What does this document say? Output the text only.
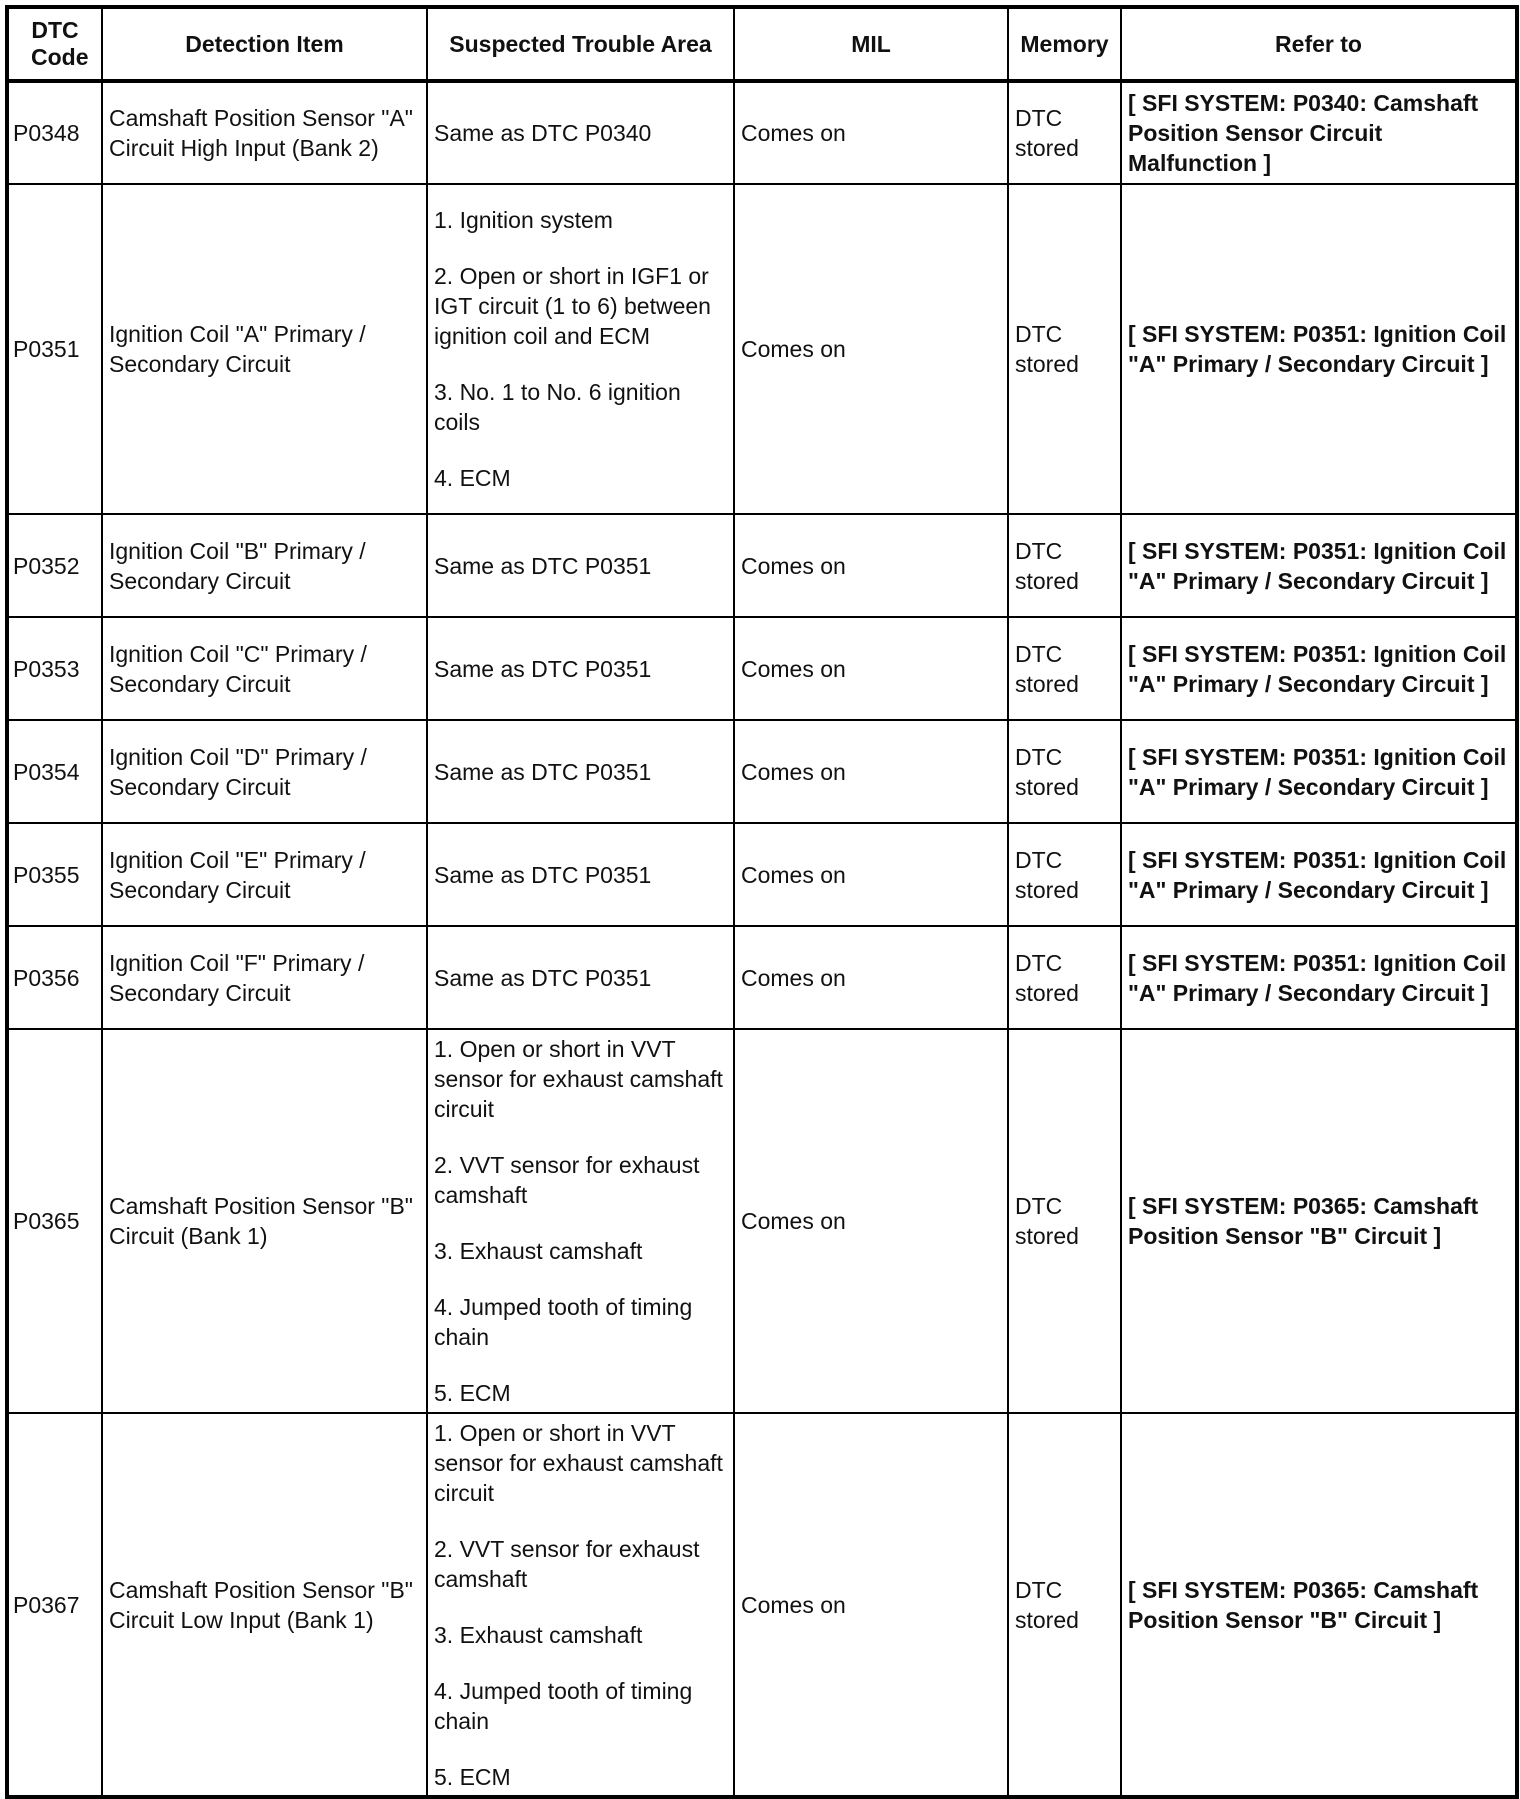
DTC Code	Detection Item	Suspected Trouble Area	MIL	Memory	Refer to
P0348	Camshaft Position Sensor "A" Circuit High Input (Bank 2)	Same as DTC P0340	Comes on	DTC stored	[ SFI SYSTEM: P0340: Camshaft Position Sensor Circuit Malfunction ]
P0351	Ignition Coil "A" Primary / Secondary Circuit	1. Ignition system
2. Open or short in IGF1 or IGT circuit (1 to 6) between ignition coil and ECM
3. No. 1 to No. 6 ignition coils
4. ECM	Comes on	DTC stored	[ SFI SYSTEM: P0351: Ignition Coil "A" Primary / Secondary Circuit ]
P0352	Ignition Coil "B" Primary / Secondary Circuit	Same as DTC P0351	Comes on	DTC stored	[ SFI SYSTEM: P0351: Ignition Coil "A" Primary / Secondary Circuit ]
P0353	Ignition Coil "C" Primary / Secondary Circuit	Same as DTC P0351	Comes on	DTC stored	[ SFI SYSTEM: P0351: Ignition Coil "A" Primary / Secondary Circuit ]
P0354	Ignition Coil "D" Primary / Secondary Circuit	Same as DTC P0351	Comes on	DTC stored	[ SFI SYSTEM: P0351: Ignition Coil "A" Primary / Secondary Circuit ]
P0355	Ignition Coil "E" Primary / Secondary Circuit	Same as DTC P0351	Comes on	DTC stored	[ SFI SYSTEM: P0351: Ignition Coil "A" Primary / Secondary Circuit ]
P0356	Ignition Coil "F" Primary / Secondary Circuit	Same as DTC P0351	Comes on	DTC stored	[ SFI SYSTEM: P0351: Ignition Coil "A" Primary / Secondary Circuit ]
P0365	Camshaft Position Sensor "B" Circuit (Bank 1)	1. Open or short in VVT sensor for exhaust camshaft circuit
2. VVT sensor for exhaust camshaft
3. Exhaust camshaft
4. Jumped tooth of timing chain
5. ECM	Comes on	DTC stored	[ SFI SYSTEM: P0365: Camshaft Position Sensor "B" Circuit ]
P0367	Camshaft Position Sensor "B" Circuit Low Input (Bank 1)	1. Open or short in VVT sensor for exhaust camshaft circuit
2. VVT sensor for exhaust camshaft
3. Exhaust camshaft
4. Jumped tooth of timing chain
5. ECM	Comes on	DTC stored	[ SFI SYSTEM: P0365: Camshaft Position Sensor "B" Circuit ]
